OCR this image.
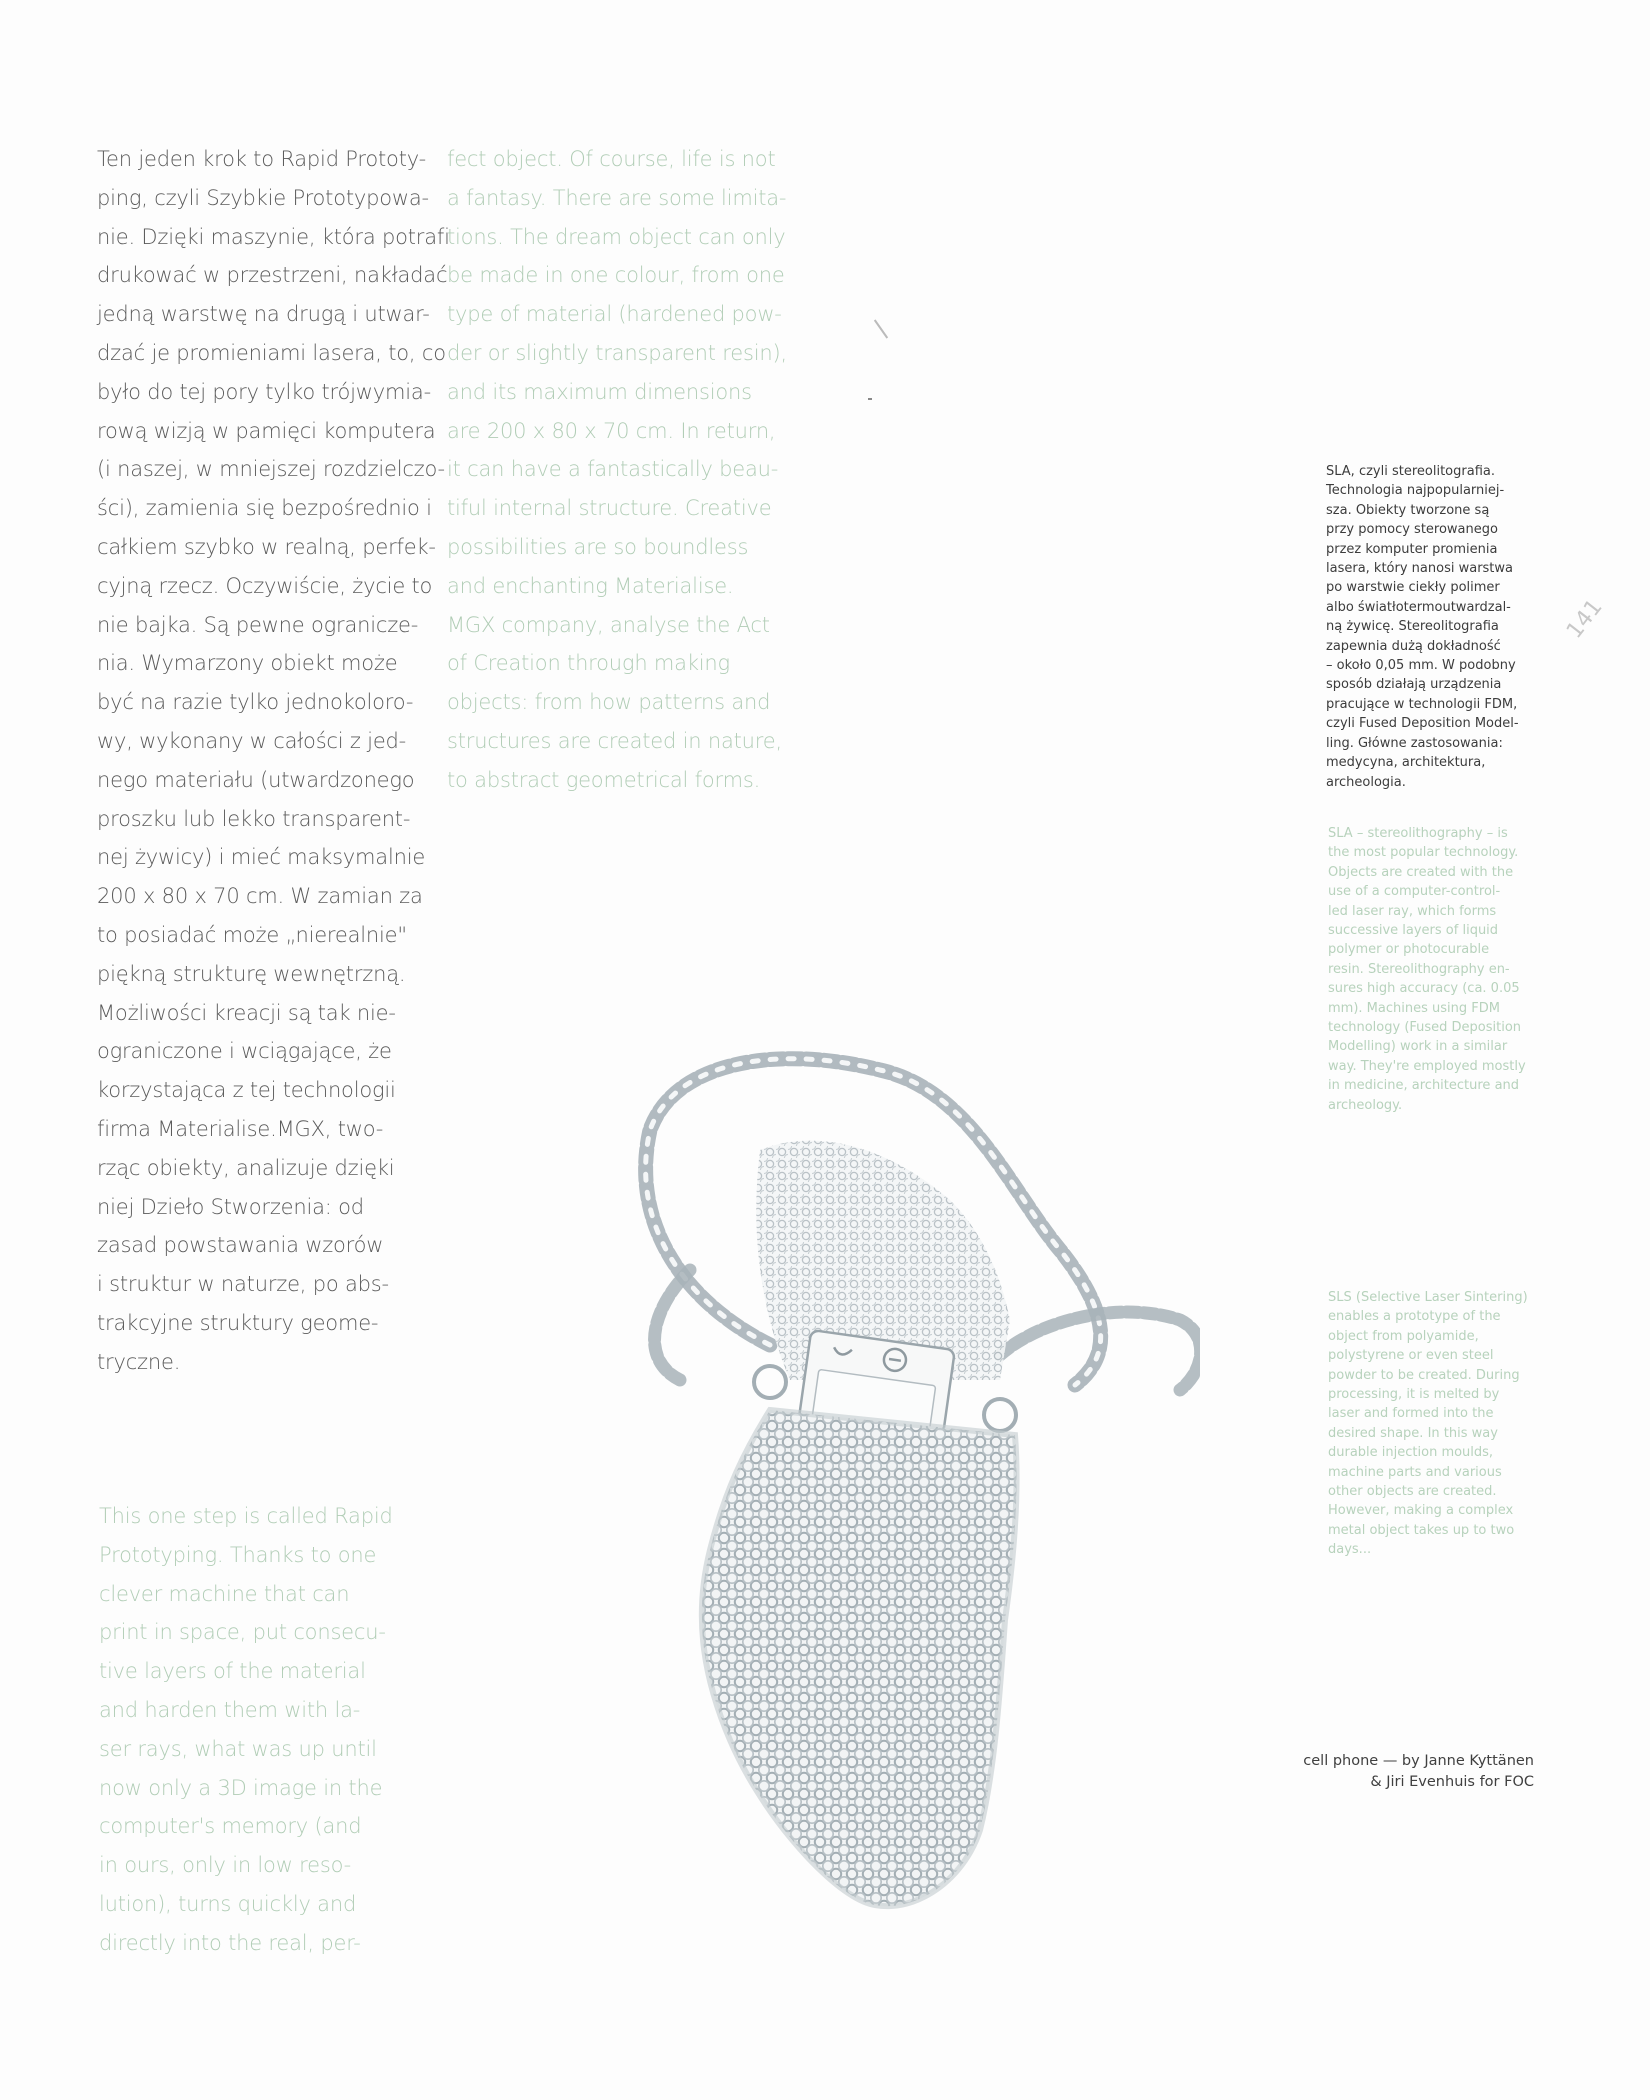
Ten jeden krok to Rapid Prototy-
ping, czyli Szybkie Prototypowa-
nie. Dzięki maszynie, która potrafi
drukować w przestrzeni, nakładać
jedną warstwę na drugą i utwar-
dzać je promieniami lasera, to, co
było do tej pory tylko trójwymia-
rową wizją w pamięci komputera
(i naszej, w mniejszej rozdzielczo-
ści), zamienia się bezpośrednio i
całkiem szybko w realną, perfek-
cyjną rzecz. Oczywiście, życie to
nie bajka. Są pewne ogranicze-
nia. Wymarzony obiekt może
być na razie tylko jednokoloro-
wy, wykonany w całości z jed-
nego materiału (utwardzonego
proszku lub lekko transparent-
nej żywicy) i mieć maksymalnie
200 x 80 x 70 cm. W zamian za
to posiadać może „nierealnie"
piękną strukturę wewnętrzną.
Możliwości kreacji są tak nie-
ograniczone i wciągające, że
korzystająca z tej technologii
firma Materialise.MGX, two-
rząc obiekty, analizuje dzięki
niej Dzieło Stworzenia: od
zasad powstawania wzorów
i struktur w naturze, po abs-
trakcyjne struktury geome-
tryczne.
fect object. Of course, life is not
a fantasy. There are some limita-
tions. The dream object can only
be made in one colour, from one
type of material (hardened pow-
der or slightly transparent resin),
and its maximum dimensions
are 200 x 80 x 70 cm. In return,
it can have a fantastically beau-
tiful internal structure. Creative
possibilities are so boundless
and enchanting Materialise.
MGX company, analyse the Act
of Creation through making
objects: from how patterns and
structures are created in nature,
to abstract geometrical forms.
This one step is called Rapid
Prototyping. Thanks to one
clever machine that can
print in space, put consecu-
tive layers of the material
and harden them with la-
ser rays, what was up until
now only a 3D image in the
computer's memory (and
in ours, only in low reso-
lution), turns quickly and
directly into the real, per-
SLA, czyli stereolitografia.
Technologia najpopularniej-
sza. Obiekty tworzone są
przy pomocy sterowanego
przez komputer promienia
lasera, który nanosi warstwa
po warstwie ciekły polimer
albo światłotermoutwardzal-
ną żywicę. Stereolitografia
zapewnia dużą dokładność
– około 0,05 mm. W podobny
sposób działają urządzenia
pracujące w technologii FDM,
czyli Fused Deposition Model-
ling. Główne zastosowania:
medycyna, architektura,
archeologia.
SLA – stereolithography – is
the most popular technology.
Objects are created with the
use of a computer-control-
led laser ray, which forms
successive layers of liquid
polymer or photocurable
resin. Stereolithography en-
sures high accuracy (ca. 0.05
mm). Machines using FDM
technology (Fused Deposition
Modelling) work in a similar
way. They're employed mostly
in medicine, architecture and
archeology.
SLS (Selective Laser Sintering)
enables a prototype of the
object from polyamide,
polystyrene or even steel
powder to be created. During
processing, it is melted by
laser and formed into the
desired shape. In this way
durable injection moulds,
machine parts and various
other objects are created.
However, making a complex
metal object takes up to two
days...
141
cell phone — by Janne Kyttänen
& Jiri Evenhuis for FOC
